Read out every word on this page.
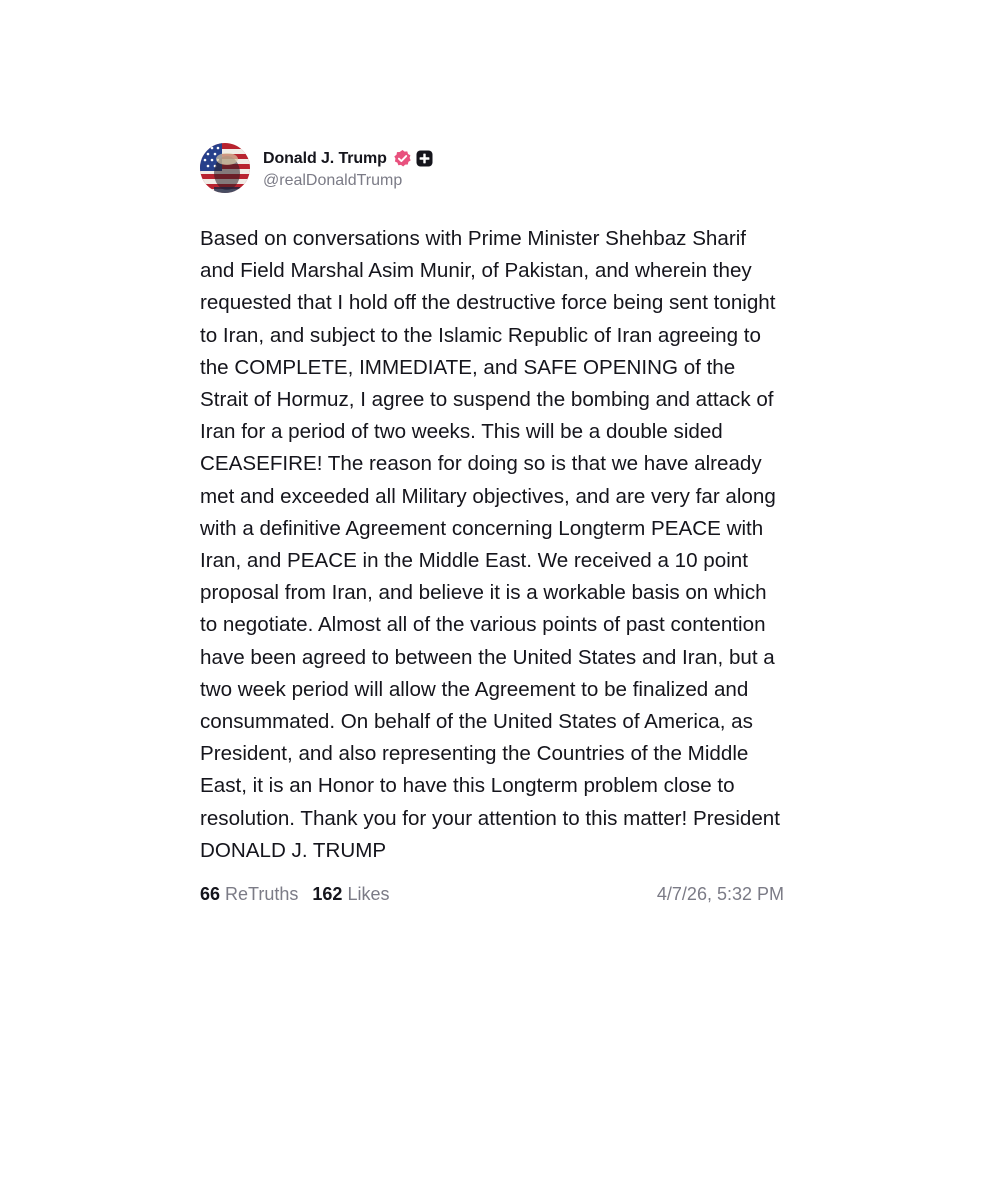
Donald J. Trump
@realDonaldTrump
Based on conversations with Prime Minister Shehbaz Sharif and Field Marshal Asim Munir, of Pakistan, and wherein they requested that I hold off the destructive force being sent tonight to Iran, and subject to the Islamic Republic of Iran agreeing to the COMPLETE, IMMEDIATE, and SAFE OPENING of the Strait of Hormuz, I agree to suspend the bombing and attack of Iran for a period of two weeks. This will be a double sided CEASEFIRE! The reason for doing so is that we have already met and exceeded all Military objectives, and are very far along with a definitive Agreement concerning Longterm PEACE with Iran, and PEACE in the Middle East. We received a 10 point proposal from Iran, and believe it is a workable basis on which to negotiate. Almost all of the various points of past contention have been agreed to between the United States and Iran, but a two week period will allow the Agreement to be finalized and consummated. On behalf of the United States of America, as President, and also representing the Countries of the Middle East, it is an Honor to have this Longterm problem close to resolution. Thank you for your attention to this matter! President DONALD J. TRUMP
66 ReTruths 162 Likes	4/7/26, 5:32 PM
